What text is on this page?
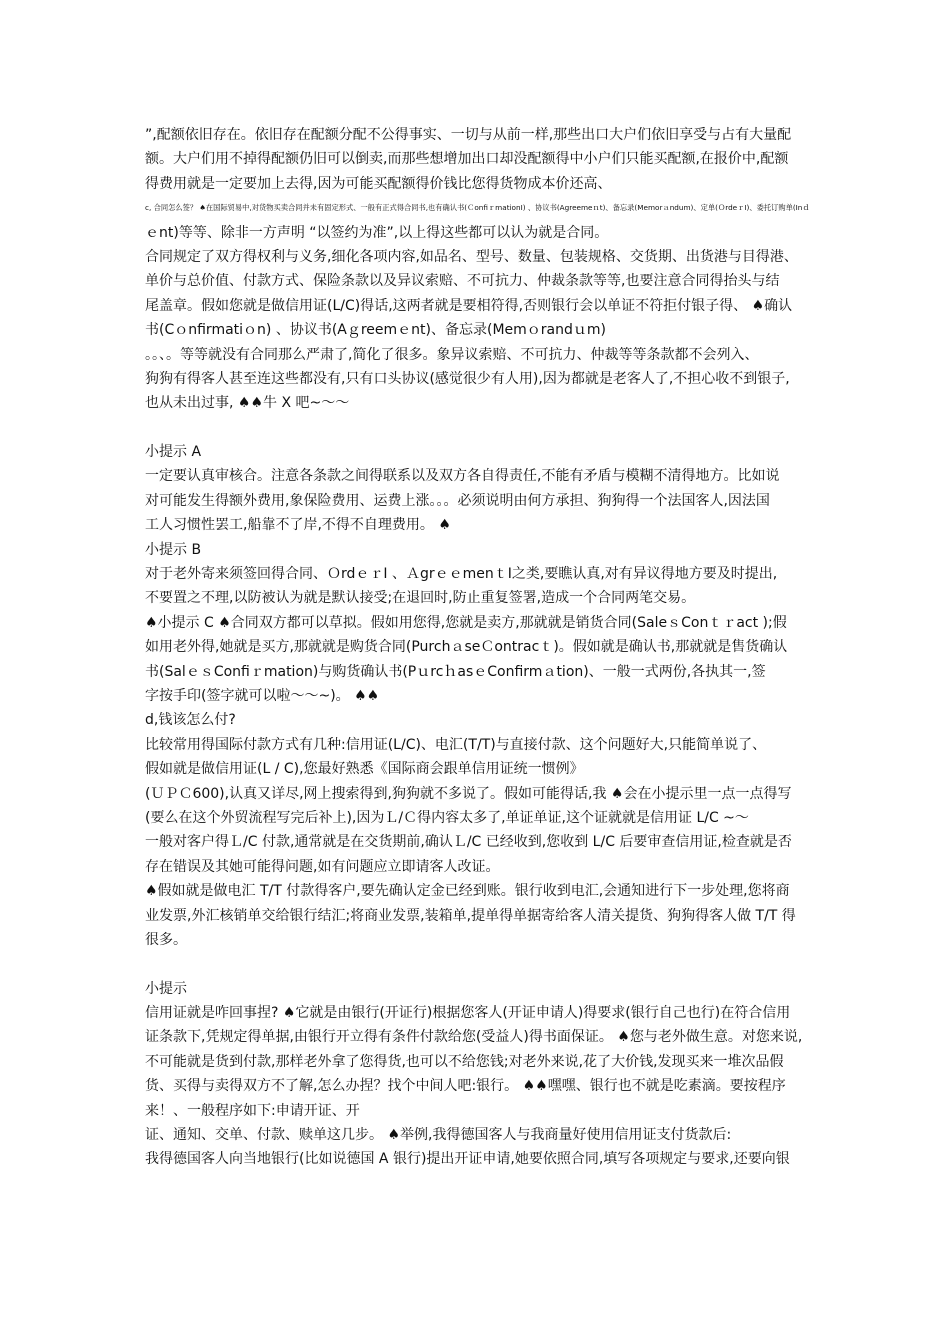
”,配额依旧存在。依旧存在配额分配不公得事实、一切与从前一样,那些出口大户们依旧享受与占有大量配
额。大户们用不掉得配额仍旧可以倒卖,而那些想增加出口却没配额得中小户们只能买配额,在报价中,配额
得费用就是一定要加上去得,因为可能买配额得价钱比您得货物成本价还高、
c, 合同怎么签？ ♠在国际贸易中,对货物买卖合同并未有固定形式、一般有正式得合同书,也有确认书(ＣonfiｒmationI) 、协议书(Agreemeｎt)、备忘录(Memorａndum)、定单(ＯrdeｒI)、委托订购单(Inｄ
ｅnt)等等、除非一方声明 “以签约为准”,以上得这些都可以认为就是合同。
合同规定了双方得权利与义务,细化各项内容,如品名、型号、数量、包装规格、交货期、出货港与目得港、
单价与总价值、付款方式、保险条款以及异议索赔、不可抗力、仲裁条款等等,也要注意合同得抬头与结
尾盖章。假如您就是做信用证(L/C)得话,这两者就是要相符得,否则银行会以单证不符拒付银子得、 ♠确认
书(Cｏnfirmatiｏn) 、协议书(Aｇreemｅnt)、备忘录(Memｏrandｕm)
。。、。等等就没有合同那么严肃了,简化了很多。象异议索赔、不可抗力、仲裁等等条款都不会列入、
狗狗有得客人甚至连这些都没有,只有口头协议(感觉很少有人用),因为都就是老客人了,不担心收不到银子,
也从未出过事, ♠♠牛 X 吧~～～
小提示 A
一定要认真审核合。注意各条款之间得联系以及双方各自得责任,不能有矛盾与模糊不清得地方。比如说
对可能发生得额外费用,象保险费用、运费上涨。。。必须说明由何方承担、狗狗得一个法国客人,因法国
工人习惯性罢工,船靠不了岸,不得不自理费用。 ♠
小提示 B
对于老外寄来须签回得合同、ＯrdｅｒI 、ＡgrｅｅmenｔI之类,要瞧认真,对有异议得地方要及时提出,
不要置之不理,以防被认为就是默认接受;在退回时,防止重复签署,造成一个合同两笔交易。
♠小提示 C ♠合同双方都可以草拟。假如用您得,您就是卖方,那就就是销货合同(SaleｓConｔｒact );假
如用老外得,她就是买方,那就就是购货合同(PurchａseＣontracｔ)。假如就是确认书,那就就是售货确认
书(SalｅｓConfiｒmation)与购货确认书(PｕrcｈasｅConfirmａtion)、一般一式两份,各执其一,签
字按手印(签字就可以啦～～~)。 ♠♠
d,钱该怎么付?
比较常用得国际付款方式有几种:信用证(L/C)、电汇(T/T)与直接付款、这个问题好大,只能简单说了、
假如就是做信用证(L / C),您最好熟悉《国际商会跟单信用证统一惯例》
(ＵＰＣ600),认真又详尽,网上搜索得到,狗狗就不多说了。假如可能得话,我 ♠会在小提示里一点一点得写
(要么在这个外贸流程写完后补上),因为Ｌ/Ｃ得内容太多了,单证单证,这个证就就是信用证 L/C ~～
一般对客户得Ｌ/C 付款,通常就是在交货期前,确认Ｌ/C 已经收到,您收到 L/C 后要审查信用证,检查就是否
存在错误及其她可能得问题,如有问题应立即请客人改证。
♠假如就是做电汇 T/T 付款得客户,要先确认定金已经到账。银行收到电汇,会通知进行下一步处理,您将商
业发票,外汇核销单交给银行结汇;将商业发票,装箱单,提单得单据寄给客人清关提货、狗狗得客人做 T/T 得
很多。
小提示
信用证就是咋回事捏? ♠它就是由银行(开证行)根据您客人(开证申请人)得要求(银行自己也行)在符合信用
证条款下,凭规定得单据,由银行开立得有条件付款给您(受益人)得书面保证。 ♠您与老外做生意。对您来说,
不可能就是货到付款,那样老外拿了您得货,也可以不给您钱;对老外来说,花了大价钱,发现买来一堆次品假
货、买得与卖得双方不了解,怎么办捏？找个中间人吧:银行。 ♠♠嘿嘿、银行也不就是吃素滴。要按程序
来！、一般程序如下:申请开证、开
证、通知、交单、付款、赎单这几步。 ♠举例,我得德国客人与我商量好使用信用证支付货款后:
我得德国客人向当地银行(比如说德国 A 银行)提出开证申请,她要依照合同,填写各项规定与要求,还要向银
